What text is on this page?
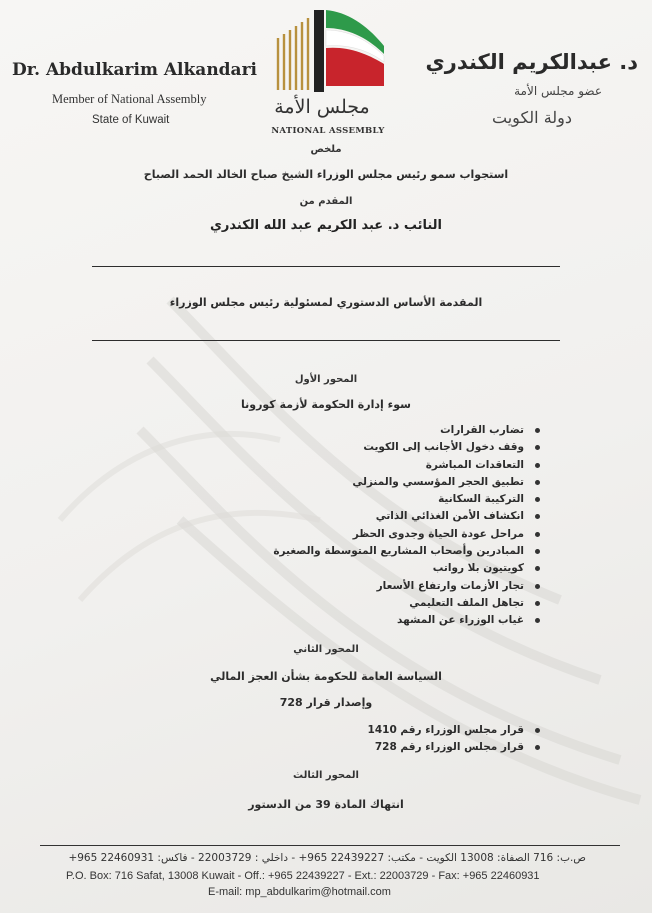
Dr. Abdulkarim Alkandari
Member of National Assembly
State of Kuwait
د. عبدالكريم الكندري
عضو مجلس الأمة
دولة الكويت
مجلس الأمة
NATIONAL ASSEMBLY
ملخص
استجواب سمو رئيس مجلس الوزراء الشيخ صباح الخالد الحمد الصباح
المقدم من
النائب د. عبد الكريم عبد الله الكندري
المقدمة الأساس الدستوري لمسئولية رئيس مجلس الوزراء
المحور الأول
سوء إدارة الحكومة لأزمة كورونا
تضارب القرارات
وقف دخول الأجانب إلى الكويت
التعاقدات المباشرة
تطبيق الحجر المؤسسي والمنزلي
التركيبة السكانية
انكشاف الأمن الغذائي الذاتي
مراحل عودة الحياة وجدوى الحظر
المبادرين وأصحاب المشاريع المتوسطة والصغيرة
كويتيون بلا رواتب
تجار الأزمات وارتفاع الأسعار
تجاهل الملف التعليمي
غياب الوزراء عن المشهد
المحور الثاني
السياسة العامة للحكومة بشأن العجز المالي
وإصدار قرار 728
قرار مجلس الوزراء رقم 1410
قرار مجلس الوزراء رقم 728
المحور الثالث
انتهاك المادة 39 من الدستور
ص.ب: 716 الصفاة: 13008 الكويت - مكتب: 22439227 965+ - داخلي : 22003729 - فاكس: 22460931 965+
P.O. Box: 716 Safat, 13008 Kuwait - Off.: +965 22439227 - Ext.: 22003729 - Fax: +965 22460931
E-mail: mp_abdulkarim@hotmail.com
